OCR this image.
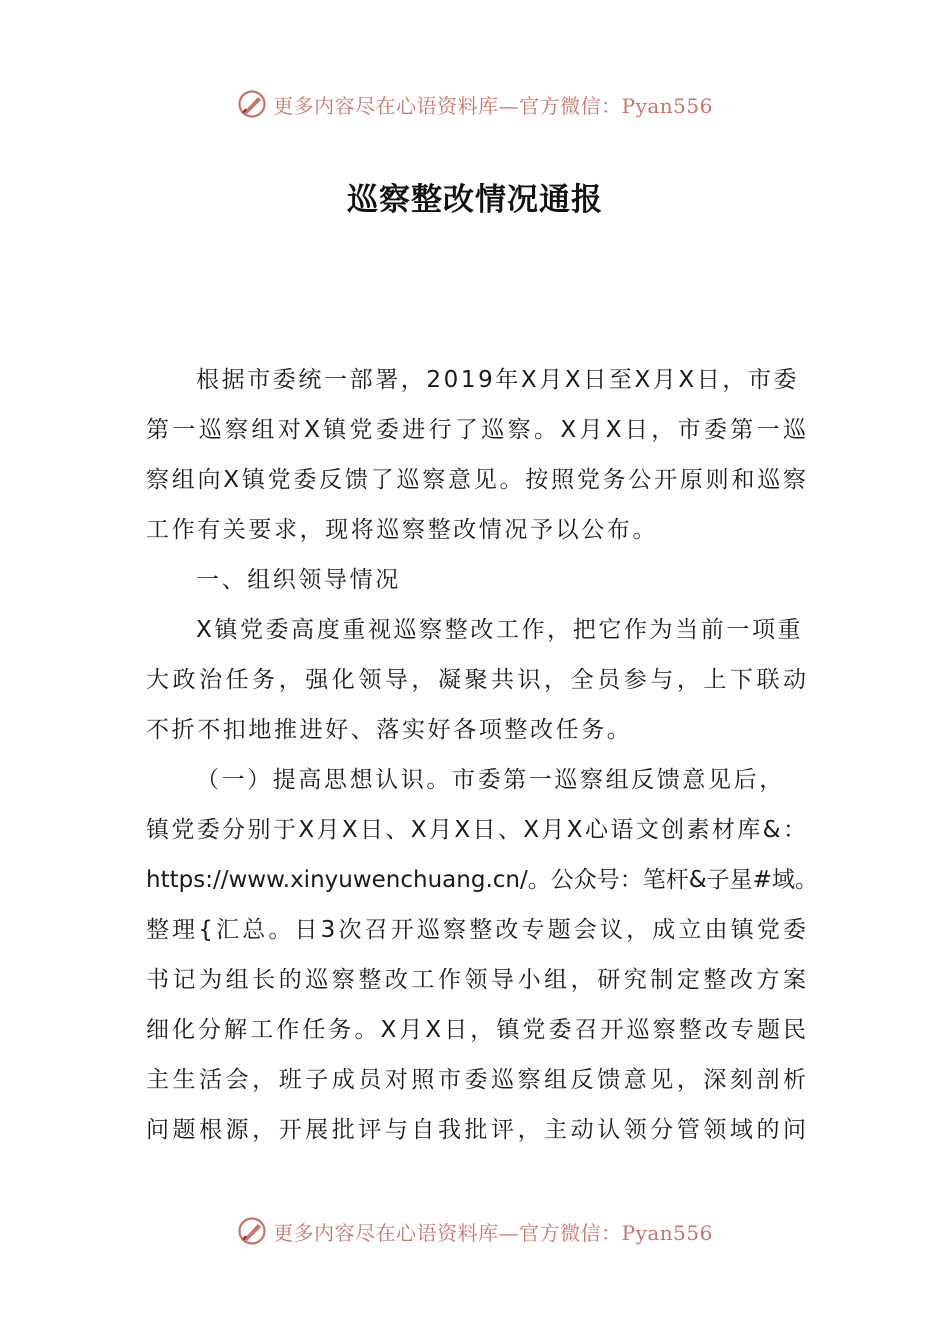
更多内容尽在心语资料库—官方微信：Pyan556
巡察整改情况通报
根据市委统一部署，2019年X月X日至X月X日，市委
第一巡察组对X镇党委进行了巡察。X月X日，市委第一巡
察组向X镇党委反馈了巡察意见。按照党务公开原则和巡察
工作有关要求，现将巡察整改情况予以公布。
一、组织领导情况
X镇党委高度重视巡察整改工作，把它作为当前一项重
大政治任务，强化领导，凝聚共识，全员参与，上下联动
不折不扣地推进好、落实好各项整改任务。
（一）提高思想认识。市委第一巡察组反馈意见后，
镇党委分别于X月X日、X月X日、X月X心语文创素材库&：
https://www.xinyuwenchuang.cn/。公众号：笔杆&子星#域。
整理{汇总。日3次召开巡察整改专题会议，成立由镇党委
书记为组长的巡察整改工作领导小组，研究制定整改方案
细化分解工作任务。X月X日，镇党委召开巡察整改专题民
主生活会，班子成员对照市委巡察组反馈意见，深刻剖析
问题根源，开展批评与自我批评，主动认领分管领域的问
更多内容尽在心语资料库—官方微信：Pyan556
